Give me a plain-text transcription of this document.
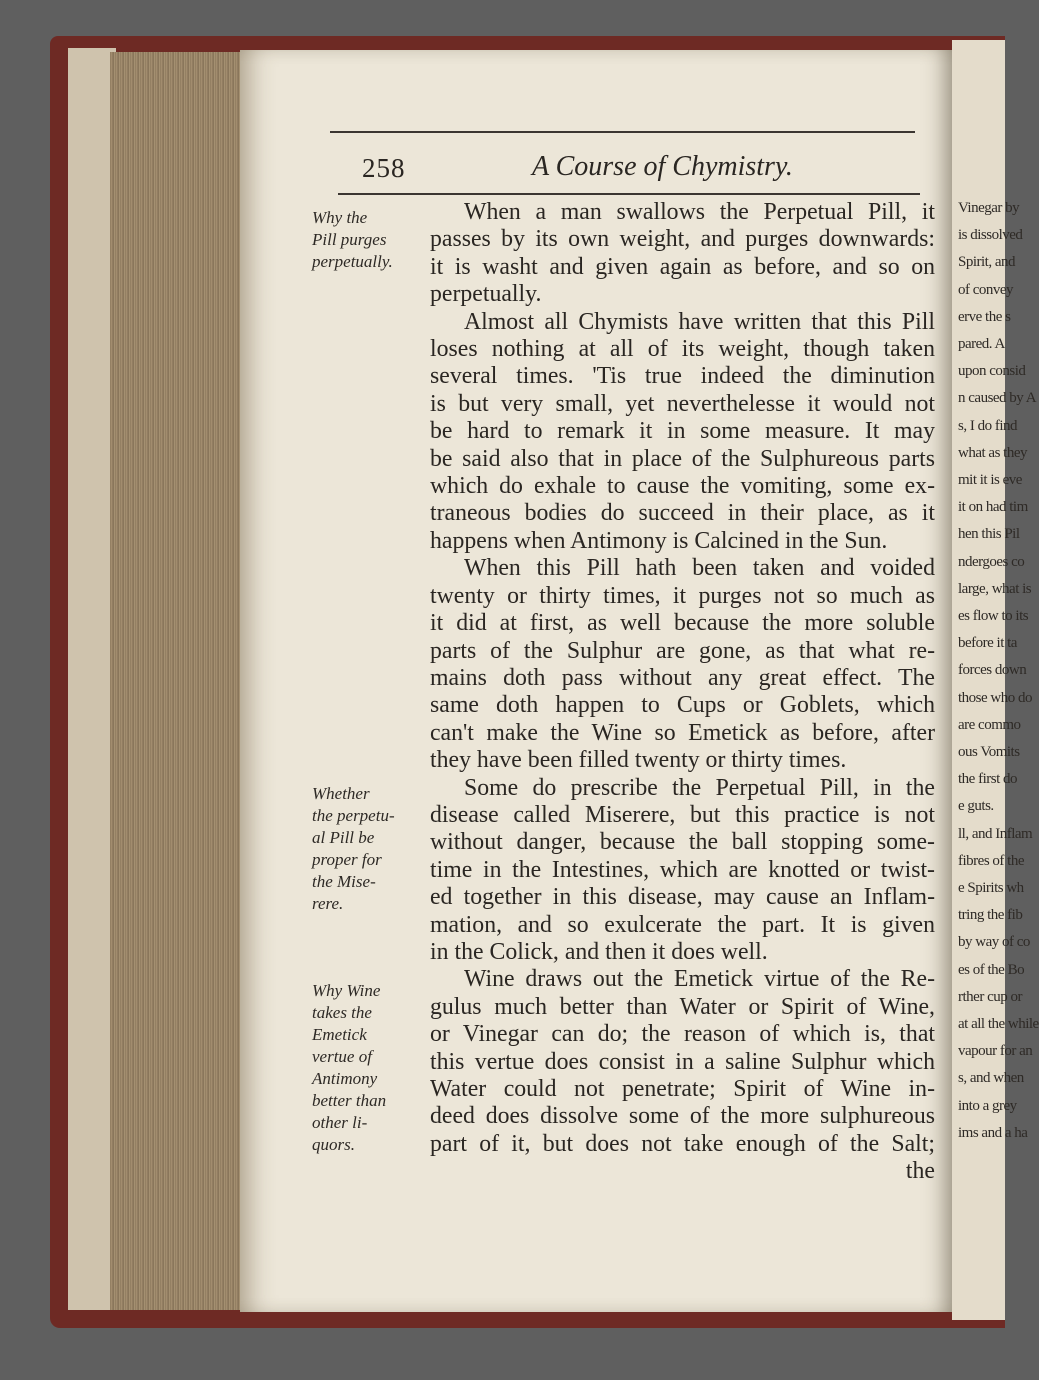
Vinegar by
is dissolved
Spirit, and
of convey
erve the s
pared. A
upon consid
n caused by A
s, I do find
what as they
mit it is eve
it on had tim
hen this Pil
ndergoes co
large, what is
es flow to its
before it ta
forces down
those who do
are commo
ous Vomits
the first do
e guts.
ll, and Inflam
fibres of the
e Spirits wh
tring the fib
by way of co
es of the Bo
rther cup or
at all the while
vapour for an
s, and when
into a grey
ims and a ha
258	A Course of Chymistry.
Why the
Pill purges
perpetually.
Whether
the perpetu-
al Pill be
proper for
the Mise-
rere.
Why Wine
takes the
Emetick
vertue of
Antimony
better than
other li-
quors.
When a man swallows the Perpetual Pill, it
passes by its own weight, and purges downwards:
it is washt and given again as before, and so on
perpetually.
Almost all Chymists have written that this Pill
loses nothing at all of its weight, though taken
several times. 'Tis true indeed the diminution
is but very small, yet neverthelesse it would not
be hard to remark it in some measure. It may
be said also that in place of the Sulphureous parts
which do exhale to cause the vomiting, some ex-
traneous bodies do succeed in their place, as it
happens when Antimony is Calcined in the Sun.
When this Pill hath been taken and voided
twenty or thirty times, it purges not so much as
it did at first, as well because the more soluble
parts of the Sulphur are gone, as that what re-
mains doth pass without any great effect. The
same doth happen to Cups or Goblets, which
can't make the Wine so Emetick as before, after
they have been filled twenty or thirty times.
Some do prescribe the Perpetual Pill, in the
disease called Miserere, but this practice is not
without danger, because the ball stopping some-
time in the Intestines, which are knotted or twist-
ed together in this disease, may cause an Inflam-
mation, and so exulcerate the part. It is given
in the Colick, and then it does well.
Wine draws out the Emetick virtue of the Re-
gulus much better than Water or Spirit of Wine,
or Vinegar can do; the reason of which is, that
this vertue does consist in a saline Sulphur which
Water could not penetrate; Spirit of Wine in-
deed does dissolve some of the more sulphureous
part of it, but does not take enough of the Salt;
the
